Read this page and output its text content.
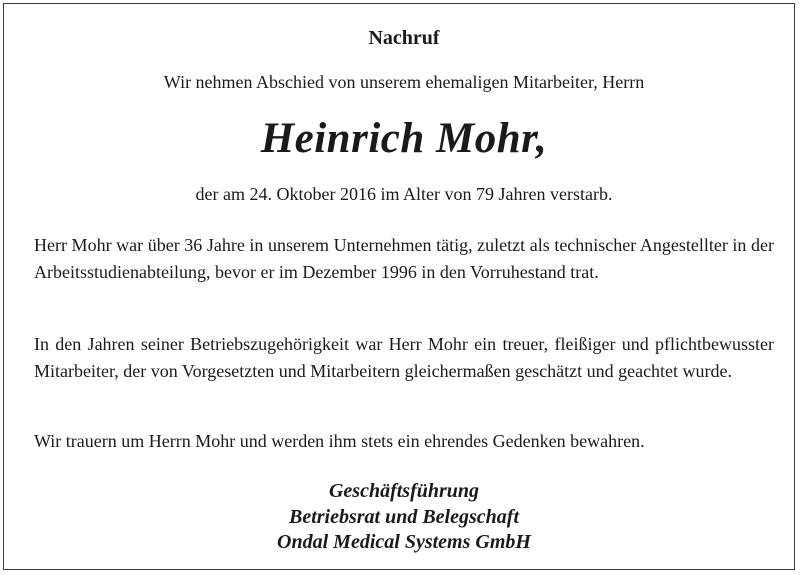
Nachruf
Wir nehmen Abschied von unserem ehemaligen Mitarbeiter, Herrn
Heinrich Mohr,
der am 24. Oktober 2016 im Alter von 79 Jahren verstarb.
Herr Mohr war über 36 Jahre in unserem Unternehmen tätig, zuletzt als technischer Angestellter in der Arbeitsstudienabteilung, bevor er im Dezember 1996 in den Vorruhestand trat.
In den Jahren seiner Betriebszugehörigkeit war Herr Mohr ein treuer, fleißiger und pflichtbewusster Mitarbeiter, der von Vorgesetzten und Mitarbeitern gleichermaßen geschätzt und geachtet wurde.
Wir trauern um Herrn Mohr und werden ihm stets ein ehrendes Gedenken bewahren.
Geschäftsführung
Betriebsrat und Belegschaft
Ondal Medical Systems GmbH
